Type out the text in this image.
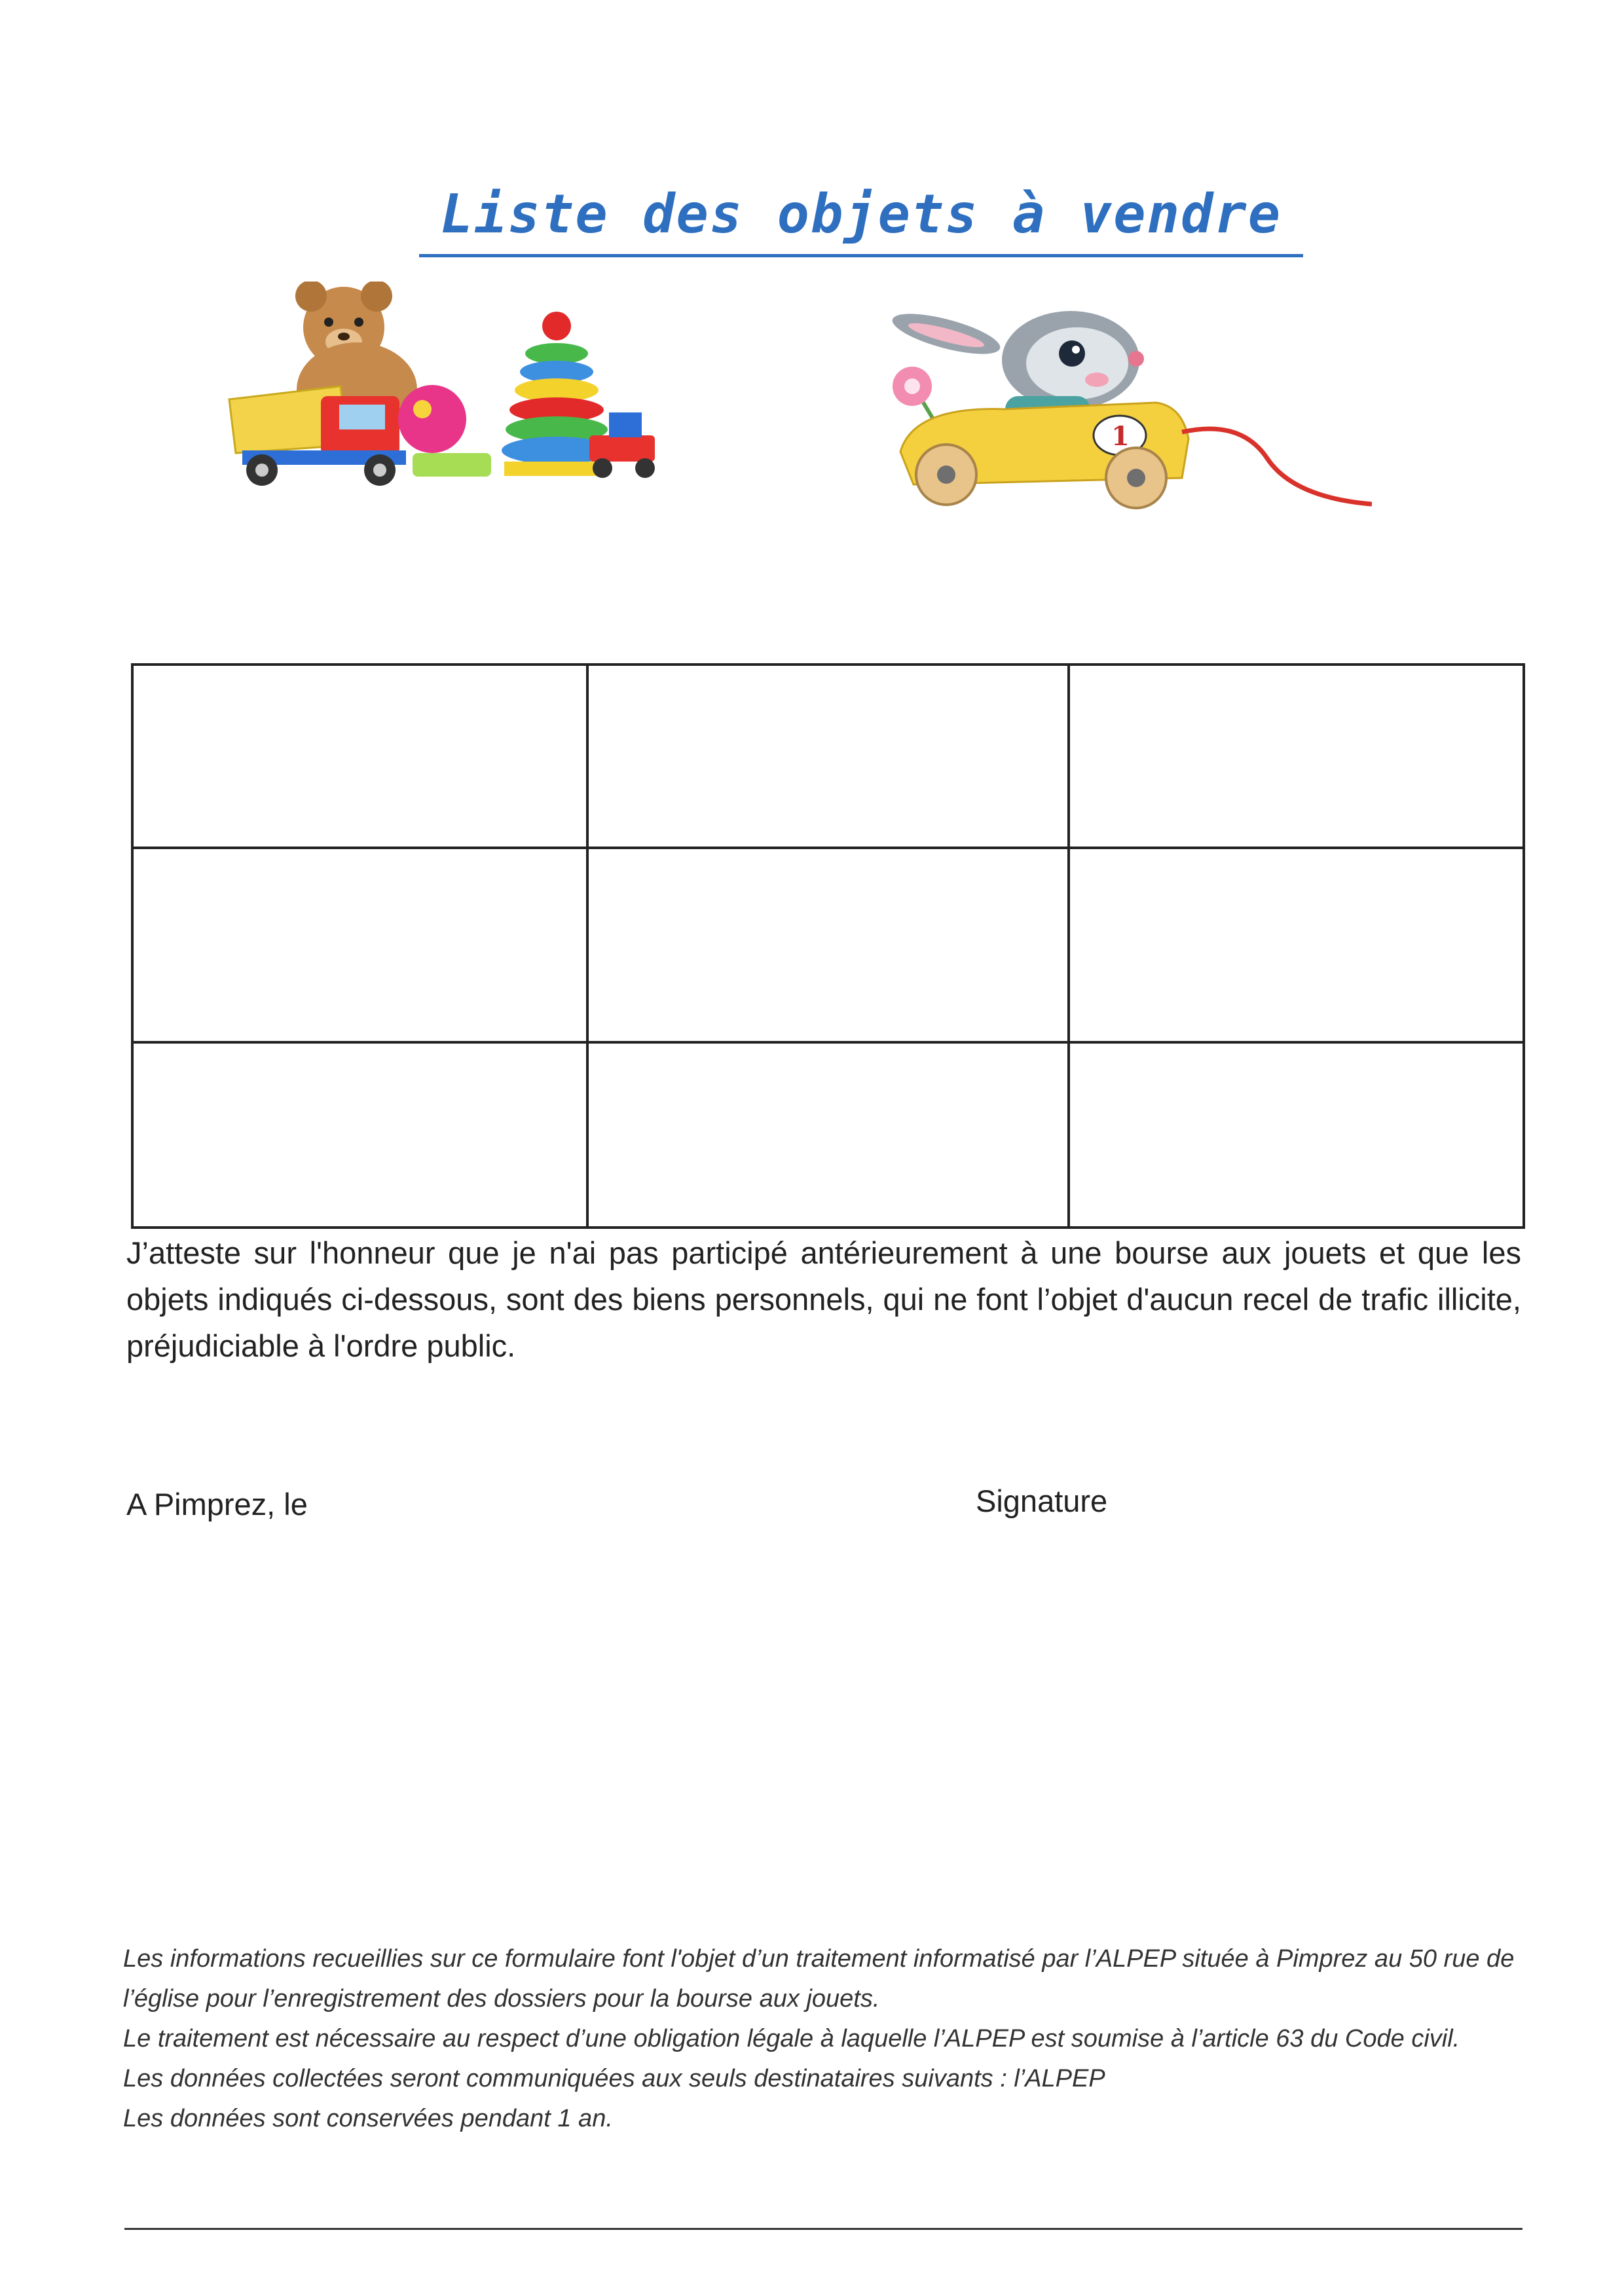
Liste des objets à vendre
1

J’atteste sur l'honneur que je n'ai pas participé antérieurement à une bourse aux jouets et que les objets indiqués ci-dessous, sont des biens personnels, qui ne font l’objet d'aucun recel de trafic illicite, préjudiciable à l'ordre public.
A Pimprez, le	Signature

Les informations recueillies sur ce formulaire font l'objet d’un traitement informatisé par l’ALPEP située à Pimprez au 50 rue de l’église pour l’enregistrement des dossiers pour la bourse aux jouets.

Le traitement est nécessaire au respect d’une obligation légale à laquelle l’ALPEP est soumise à l’article 63 du Code civil.

Les données collectées seront communiquées aux seuls destinataires suivants : l’ALPEP

Les données sont conservées pendant 1 an.
